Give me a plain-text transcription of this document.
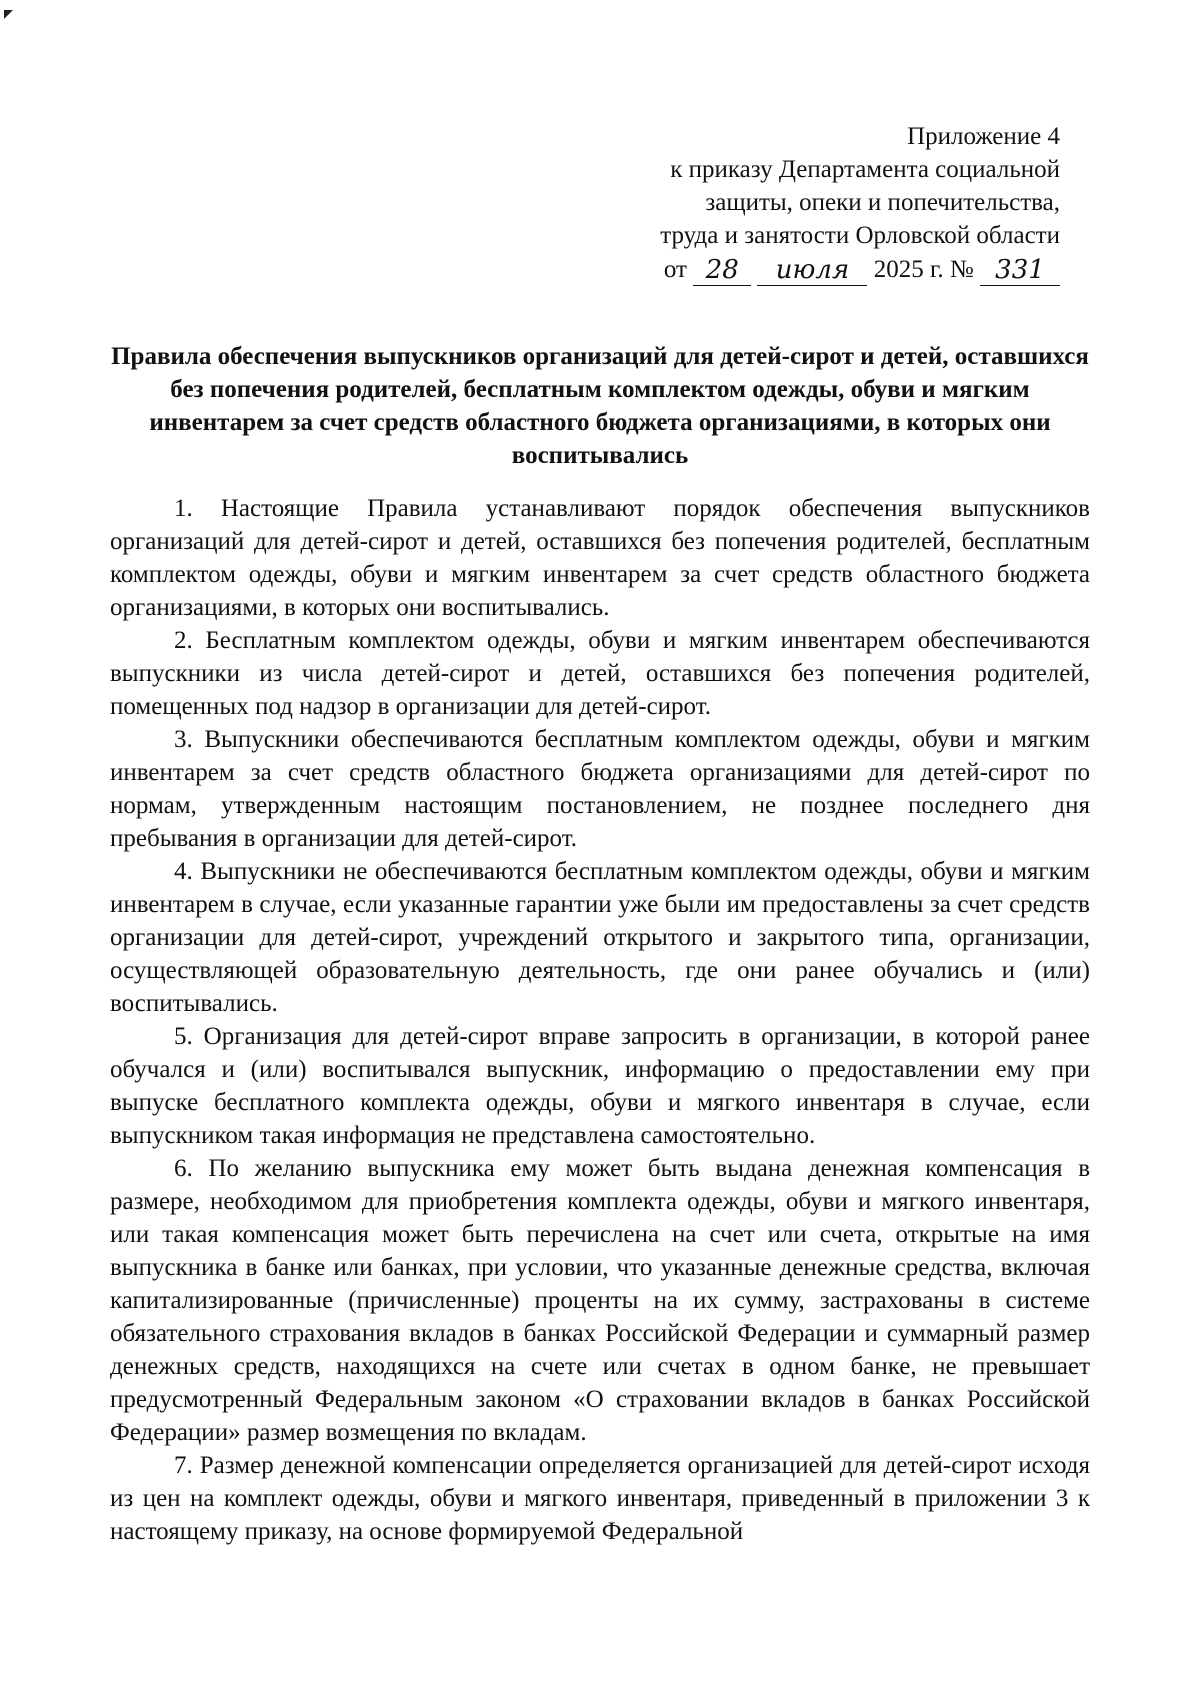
Приложение 4
к приказу Департамента социальной
защиты, опеки и попечительства,
труда и занятости Орловской области
от 28
	июля 2025 г. № 331
Правила обеспечения выпускников организаций для детей-сирот и детей, оставшихся без попечения родителей, бесплатным комплектом одежды, обуви и мягким инвентарем за счет средств областного бюджета организациями, в которых они воспитывались

1. Настоящие Правила устанавливают порядок обеспечения выпускников организаций для детей-сирот и детей, оставшихся без попечения родителей, бесплатным комплектом одежды, обуви и мягким инвентарем за счет средств областного бюджета организациями, в которых они воспитывались.

2. Бесплатным комплектом одежды, обуви и мягким инвентарем обеспечиваются выпускники из числа детей-сирот и детей, оставшихся без попечения родителей, помещенных под надзор в организации для детей-сирот.

3. Выпускники обеспечиваются бесплатным комплектом одежды, обуви и мягким инвентарем за счет средств областного бюджета организациями для детей-сирот по нормам, утвержденным настоящим постановлением, не позднее последнего дня пребывания в организации для детей-сирот.

4. Выпускники не обеспечиваются бесплатным комплектом одежды, обуви и мягким инвентарем в случае, если указанные гарантии уже были им предоставлены за счет средств организации для детей-сирот, учреждений открытого и закрытого типа, организации, осуществляющей образовательную деятельность, где они ранее обучались и (или) воспитывались.

5. Организация для детей-сирот вправе запросить в организации, в которой ранее обучался и (или) воспитывался выпускник, информацию о предоставлении ему при выпуске бесплатного комплекта одежды, обуви и мягкого инвентаря в случае, если выпускником такая информация не представлена самостоятельно.

6. По желанию выпускника ему может быть выдана денежная компенсация в размере, необходимом для приобретения комплекта одежды, обуви и мягкого инвентаря, или такая компенсация может быть перечислена на счет или счета, открытые на имя выпускника в банке или банках, при условии, что указанные денежные средства, включая капитализированные (причисленные) проценты на их сумму, застрахованы в системе обязательного страхования вкладов в банках Российской Федерации и суммарный размер денежных средств, находящихся на счете или счетах в одном банке, не превышает предусмотренный Федеральным законом «О страховании вкладов в банках Российской Федерации» размер возмещения по вкладам.

7. Размер денежной компенсации определяется организацией для детей-сирот исходя из цен на комплект одежды, обуви и мягкого инвентаря, приведенный в приложении 3 к настоящему приказу, на основе формируемой Федеральной
